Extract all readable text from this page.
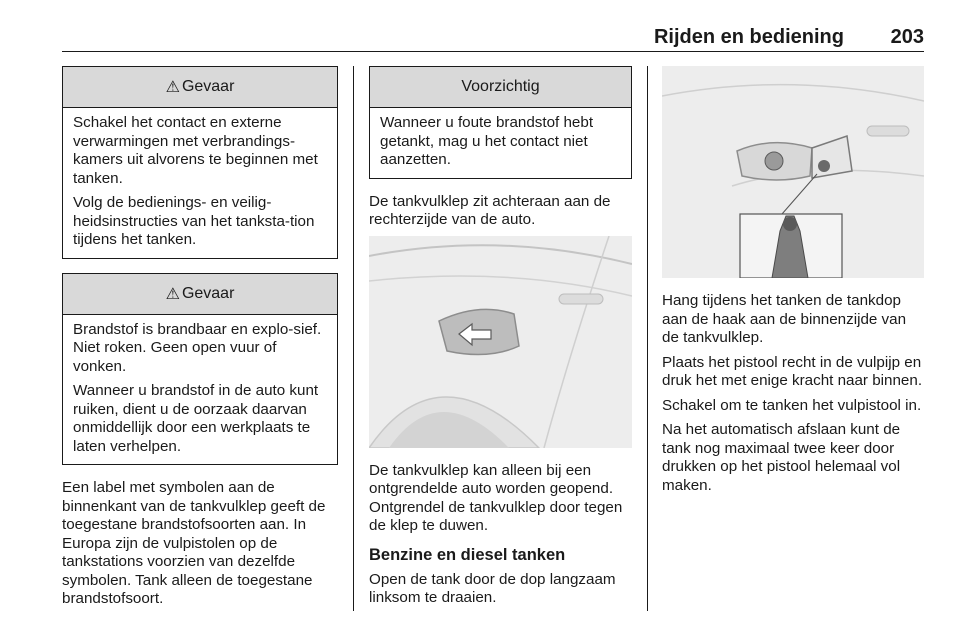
Rijden en bediening 203
⚠ Gevaar

Schakel het contact en externe verwarmingen met verbrandings-kamers uit alvorens te beginnen met tanken.

Volg de bedienings- en veilig-heidsinstructies van het tanksta-tion tijdens het tanken.

⚠ Gevaar

Brandstof is brandbaar en explo-sief. Niet roken. Geen open vuur of vonken.

Wanneer u brandstof in de auto kunt ruiken, dient u de oorzaak daarvan onmiddellijk door een werkplaats te laten verhelpen.

Een label met symbolen aan de binnenkant van de tankvulklep geeft de toegestane brandstofsoorten aan. In Europa zijn de vulpistolen op de tankstations voorzien van dezelfde symbolen. Tank alleen de toegestane brandstofsoort.

Voorzichtig

Wanneer u foute brandstof hebt getankt, mag u het contact niet aanzetten.

De tankvulklep zit achteraan aan de rechterzijde van de auto.

De tankvulklep kan alleen bij een ontgrendelde auto worden geopend. Ontgrendel de tankvulklep door tegen de klep te duwen.

Benzine en diesel tanken

Open de tank door de dop langzaam linksom te draaien.

Hang tijdens het tanken de tankdop aan de haak aan de binnenzijde van de tankvulklep.

Plaats het pistool recht in de vulpijp en druk het met enige kracht naar binnen.

Schakel om te tanken het vulpistool in.

Na het automatisch afslaan kunt de tank nog maximaal twee keer door drukken op het pistool helemaal vol maken.
